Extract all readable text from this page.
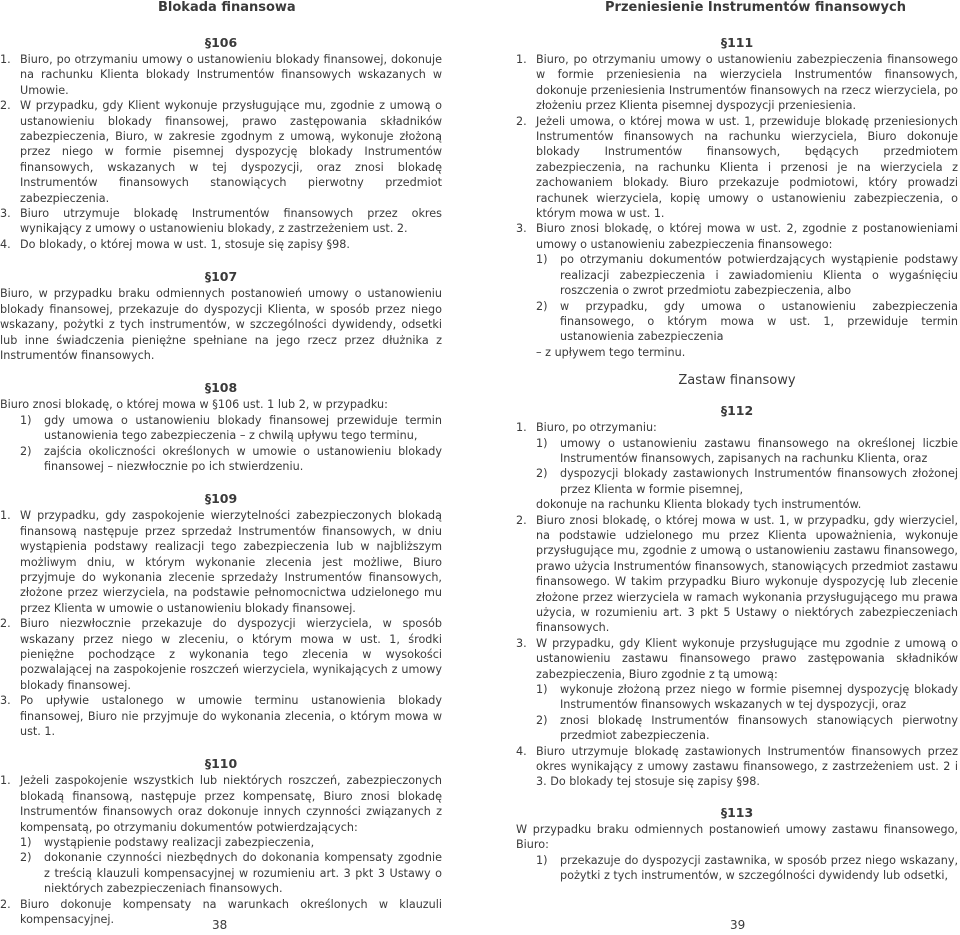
Blokada finansowa
§106
1. Biuro, po otrzymaniu umowy o ustanowieniu blokady finansowej, dokonuje na rachunku Klienta blokady Instrumentów finansowych wskazanych w Umowie.
2. W przypadku, gdy Klient wykonuje przysługujące mu, zgodnie z umową o ustanowieniu blokady finansowej, prawo zastępowania składników zabezpieczenia, Biuro, w zakresie zgodnym z umową, wykonuje złożoną przez niego w formie pisemnej dyspozycję blokady Instrumentów finansowych, wskazanych w tej dyspozycji, oraz znosi blokadę Instrumentów finansowych stanowiących pierwotny przedmiot zabezpieczenia.
3. Biuro utrzymuje blokadę Instrumentów finansowych przez okres wynikający z umowy o ustanowieniu blokady, z zastrzeżeniem ust. 2.
4. Do blokady, o której mowa w ust. 1, stosuje się zapisy §98.
§107

Biuro, w przypadku braku odmiennych postanowień umowy o ustanowieniu blokady finansowej, przekazuje do dyspozycji Klienta, w sposób przez niego wskazany, pożytki z tych instrumentów, w szczególności dywidendy, odsetki lub inne świadczenia pieniężne spełniane na jego rzecz przez dłużnika z Instrumentów finansowych.

§108

Biuro znosi blokadę, o której mowa w §106 ust. 1 lub 2, w przypadku:

1)	gdy umowa o ustanowieniu blokady finansowej przewiduje termin ustanowienia tego zabezpieczenia – z chwilą upływu tego terminu,
2)	zajścia okoliczności określonych w umowie o ustanowieniu blokady finansowej – niezwłocznie po ich stwierdzeniu.
§109
1. W przypadku, gdy zaspokojenie wierzytelności zabezpieczonych blokadą finansową następuje przez sprzedaż Instrumentów finansowych, w dniu wystąpienia podstawy realizacji tego zabezpieczenia lub w najbliższym możliwym dniu, w którym wykonanie zlecenia jest możliwe, Biuro przyjmuje do wykonania zlecenie sprzedaży Instrumentów finansowych, złożone przez wierzyciela, na podstawie pełnomocnictwa udzielonego mu przez Klienta w umowie o ustanowieniu blokady finansowej.
2. Biuro niezwłocznie przekazuje do dyspozycji wierzyciela, w sposób wskazany przez niego w zleceniu, o którym mowa w ust. 1, środki pieniężne pochodzące z wykonania tego zlecenia w wysokości pozwalającej na zaspokojenie roszczeń wierzyciela, wynikających z umowy blokady finansowej.
3. Po upływie ustalonego w umowie terminu ustanowienia blokady finansowej, Biuro nie przyjmuje do wykonania zlecenia, o którym mowa w ust. 1.
§110
1. Jeżeli zaspokojenie wszystkich lub niektórych roszczeń, zabezpieczonych blokadą finansową, następuje przez kompensatę, Biuro znosi blokadę Instrumentów finansowych oraz dokonuje innych czynności związanych z kompensatą, po otrzymaniu dokumentów potwierdzających:
1)	wystąpienie podstawy realizacji zabezpieczenia,
2)	dokonanie czynności niezbędnych do dokonania kompensaty zgodnie z treścią klauzuli kompensacyjnej w rozumieniu art. 3 pkt 3 Ustawy o niektórych zabezpieczeniach finansowych.
2. Biuro dokonuje kompensaty na warunkach określonych w klauzuli kompensacyjnej.	38
Przeniesienie Instrumentów finansowych
§111
1. Biuro, po otrzymaniu umowy o ustanowieniu zabezpieczenia finansowego w formie przeniesienia na wierzyciela Instrumentów finansowych, dokonuje przeniesienia Instrumentów finansowych na rzecz wierzyciela, po złożeniu przez Klienta pisemnej dyspozycji przeniesienia.
2. Jeżeli umowa, o której mowa w ust. 1, przewiduje blokadę przeniesionych Instrumentów finansowych na rachunku wierzyciela, Biuro dokonuje blokady Instrumentów finansowych, będących przedmiotem zabezpieczenia, na rachunku Klienta i przenosi je na wierzyciela z zachowaniem blokady. Biuro przekazuje podmiotowi, który prowadzi rachunek wierzyciela, kopię umowy o ustanowieniu zabezpieczenia, o którym mowa w ust. 1.
3. Biuro znosi blokadę, o której mowa w ust. 2, zgodnie z postanowieniami umowy o ustanowieniu zabezpieczenia finansowego:
1)	po otrzymaniu dokumentów potwierdzających wystąpienie podstawy realizacji zabezpieczenia i zawiadomieniu Klienta o wygaśnięciu roszczenia o zwrot przedmiotu zabezpieczenia, albo
2)	w przypadku, gdy umowa o ustanowieniu zabezpieczenia finansowego, o którym mowa w ust. 1, przewiduje termin ustanowienia zabezpieczenia
– z upływem tego terminu.
Zastaw finansowy
§112
1. Biuro, po otrzymaniu:
1)	umowy o ustanowieniu zastawu finansowego na określonej liczbie Instrumentów finansowych, zapisanych na rachunku Klienta, oraz
2)	dyspozycji blokady zastawionych Instrumentów finansowych złożonej przez Klienta w formie pisemnej,
dokonuje na rachunku Klienta blokady tych instrumentów.
2. Biuro znosi blokadę, o której mowa w ust. 1, w przypadku, gdy wierzyciel, na podstawie udzielonego mu przez Klienta upoważnienia, wykonuje przysługujące mu, zgodnie z umową o ustanowieniu zastawu finansowego, prawo użycia Instrumentów finansowych, stanowiących przedmiot zastawu finansowego. W takim przypadku Biuro wykonuje dyspozycję lub zlecenie złożone przez wierzyciela w ramach wykonania przysługującego mu prawa użycia, w rozumieniu art. 3 pkt 5 Ustawy o niektórych zabezpieczeniach finansowych.
3. W przypadku, gdy Klient wykonuje przysługujące mu zgodnie z umową o ustanowieniu zastawu finansowego prawo zastępowania składników zabezpieczenia, Biuro zgodnie z tą umową:
1)	wykonuje złożoną przez niego w formie pisemnej dyspozycję blokady Instrumentów finansowych wskazanych w tej dyspozycji, oraz
2)	znosi blokadę Instrumentów finansowych stanowiących pierwotny przedmiot zabezpieczenia.
4. Biuro utrzymuje blokadę zastawionych Instrumentów finansowych przez okres wynikający z umowy zastawu finansowego, z zastrzeżeniem ust. 2 i 3. Do blokady tej stosuje się zapisy §98.
§113

W przypadku braku odmiennych postanowień umowy zastawu finansowego, Biuro:

1)	przekazuje do dyspozycji zastawnika, w sposób przez niego wskazany, pożytki z tych instrumentów, w szczególności dywidendy lub odsetki,
39
